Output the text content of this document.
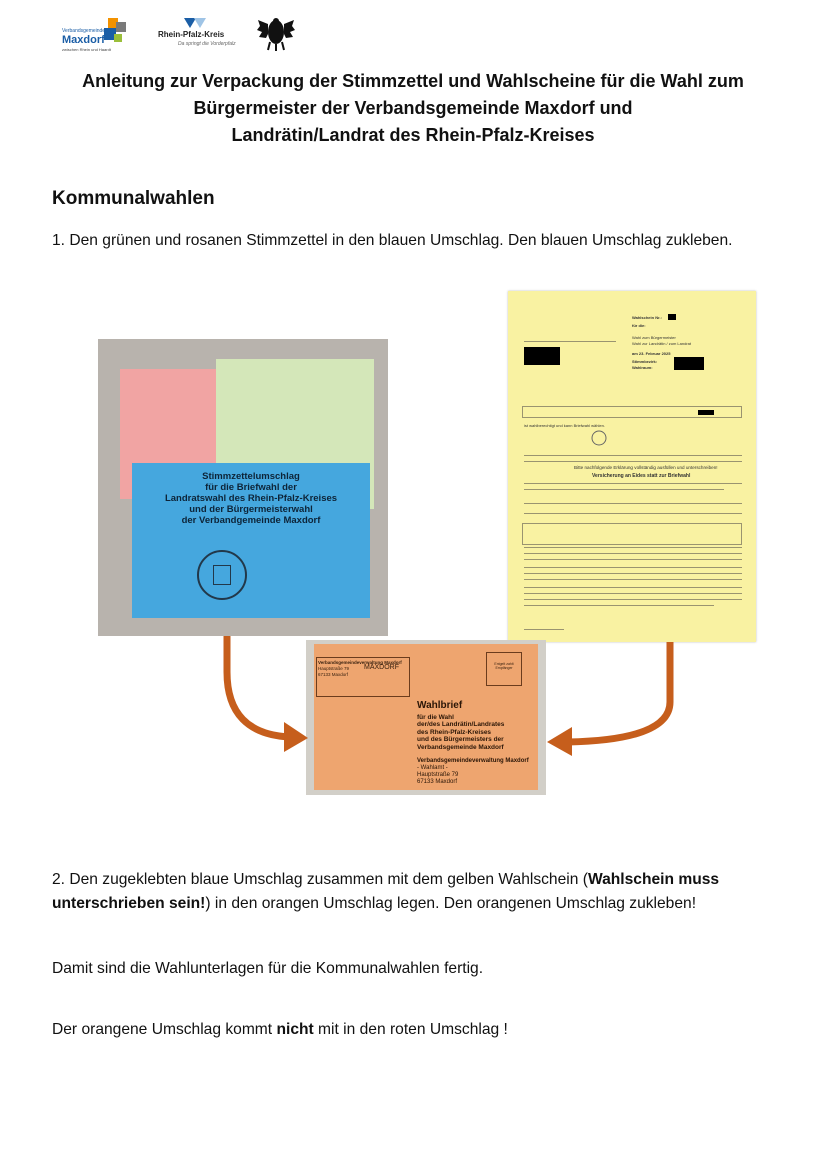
Verbandsgemeinde
Maxdorf
zwischen Rhein und Haardt
Rhein-Pfalz-Kreis
Da springt die Vorderpfalz
Anleitung zur Verpackung der Stimmzettel und Wahlscheine für die Wahl zum
Bürgermeister der Verbandsgemeinde Maxdorf und
Landrätin/Landrat des Rhein-Pfalz-Kreises
Kommunalwahlen
1. Den grünen und rosanen Stimmzettel in den blauen Umschlag. Den blauen Umschlag zukleben.
Stimmzettelumschlag
für die Briefwahl der
Landratswahl des Rhein-Pfalz-Kreises
und der Bürgermeisterwahl
der Verbandgemeinde Maxdorf
Wahlschein Nr.:
für die:
Wahl zum Bürgermeister
Wahl zur Landrätin / zum Landrat
am 23. Februar 2025
Stimmbezirk:
Wahlraum:
ist wahlberechtigt und kann Briefwahl wählen.
Bitte nachfolgende Erklärung vollständig ausfüllen und unterschreiben!
Versicherung an Eides statt zur Briefwahl
Verbandsgemeindeverwaltung Maxdorf
Hauptstraße 79
67133 Maxdorf
MAXDORF	Entgelt zahlt Empfänger
Wahlbrief
für die Wahl
der/des Landrätin/Landrates
des Rhein-Pfalz-Kreises
und des Bürgermeisters der
Verbandsgemeinde Maxdorf
Verbandsgemeindeverwaltung Maxdorf
- Wahlamt -
Hauptstraße 79
67133 Maxdorf
2. Den zugeklebten blaue Umschlag zusammen mit dem gelben Wahlschein (Wahlschein muss unterschrieben sein!) in den orangen Umschlag legen. Den orangenen Umschlag zukleben!
Damit sind die Wahlunterlagen für die Kommunalwahlen fertig.
Der orangene Umschlag kommt nicht mit in den roten Umschlag !
